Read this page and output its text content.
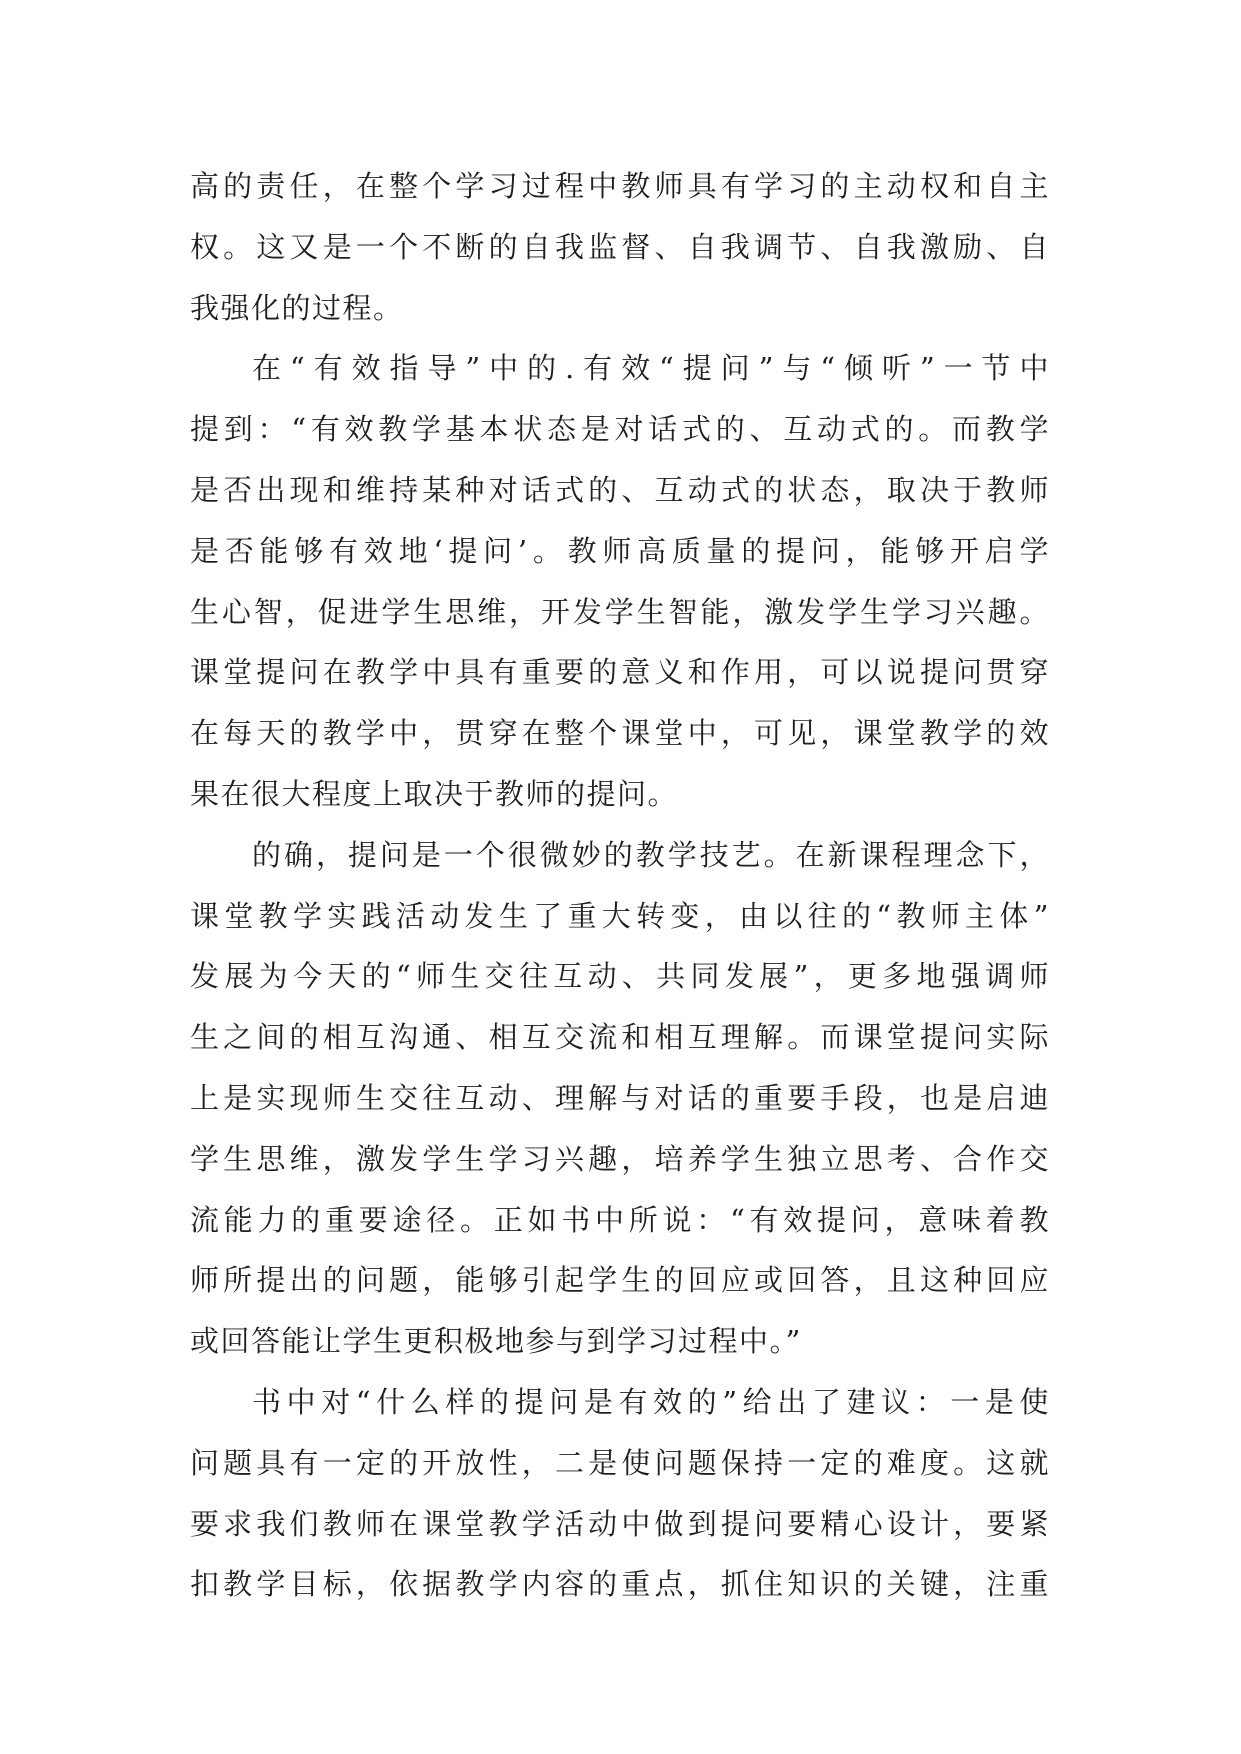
高的责任，在整个学习过程中教师具有学习的主动权和自主
权。这又是一个不断的自我监督、自我调节、自我激励、自
我强化的过程。

在“有效指导”中的.有效“提问”与“倾听”一节中
提到：“有效教学基本状态是对话式的、互动式的。而教学
是否出现和维持某种对话式的、互动式的状态，取决于教师
是否能够有效地‘提问’。教师高质量的提问，能够开启学
生心智，促进学生思维，开发学生智能，激发学生学习兴趣。
课堂提问在教学中具有重要的意义和作用，可以说提问贯穿
在每天的教学中，贯穿在整个课堂中，可见，课堂教学的效
果在很大程度上取决于教师的提问。

的确，提问是一个很微妙的教学技艺。在新课程理念下，
课堂教学实践活动发生了重大转变，由以往的“教师主体”
发展为今天的“师生交往互动、共同发展”，更多地强调师
生之间的相互沟通、相互交流和相互理解。而课堂提问实际
上是实现师生交往互动、理解与对话的重要手段，也是启迪
学生思维，激发学生学习兴趣，培养学生独立思考、合作交
流能力的重要途径。正如书中所说：“有效提问，意味着教
师所提出的问题，能够引起学生的回应或回答，且这种回应
或回答能让学生更积极地参与到学习过程中。”

书中对“什么样的提问是有效的”给出了建议：一是使
问题具有一定的开放性，二是使问题保持一定的难度。这就
要求我们教师在课堂教学活动中做到提问要精心设计，要紧
扣教学目标，依据教学内容的重点，抓住知识的关键，注重
